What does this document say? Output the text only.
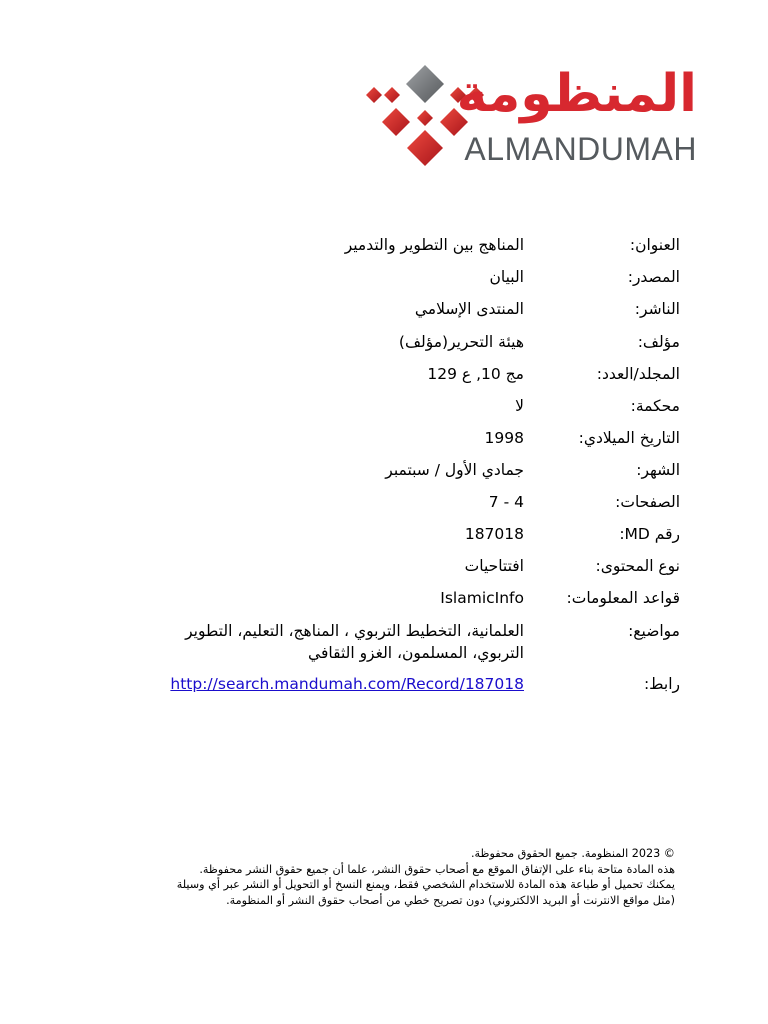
المنظومة
ALMANDUMAH
العنوان:
المناهج بين التطوير والتدمير
المصدر:
البيان
الناشر:
المنتدى الإسلامي
مؤلف:
هيئة التحرير(مؤلف)
المجلد/العدد:
مج 10, ع 129
محكمة:
لا
التاريخ الميلادي:
1998
الشهر:
جمادي الأول / سبتمبر
الصفحات:
4 - 7
رقم MD:
187018
نوع المحتوى:
افتتاحيات
قواعد المعلومات:
IslamicInfo
مواضيع:
العلمانية، التخطيط التربوي ، المناهج، التعليم، التطوير
التربوي، المسلمون، الغزو الثقافي
رابط:
http://search.mandumah.com/Record/187018
© 2023 المنظومة. جميع الحقوق محفوظة.
هذه المادة متاحة بناء على الإتفاق الموقع مع أصحاب حقوق النشر، علما أن جميع حقوق النشر محفوظة.
يمكنك تحميل أو طباعة هذه المادة للاستخدام الشخصي فقط، ويمنع النسخ أو التحويل أو النشر عبر أي وسيلة
(مثل مواقع الانترنت أو البريد الالكتروني) دون تصريح خطي من أصحاب حقوق النشر أو المنظومة.
